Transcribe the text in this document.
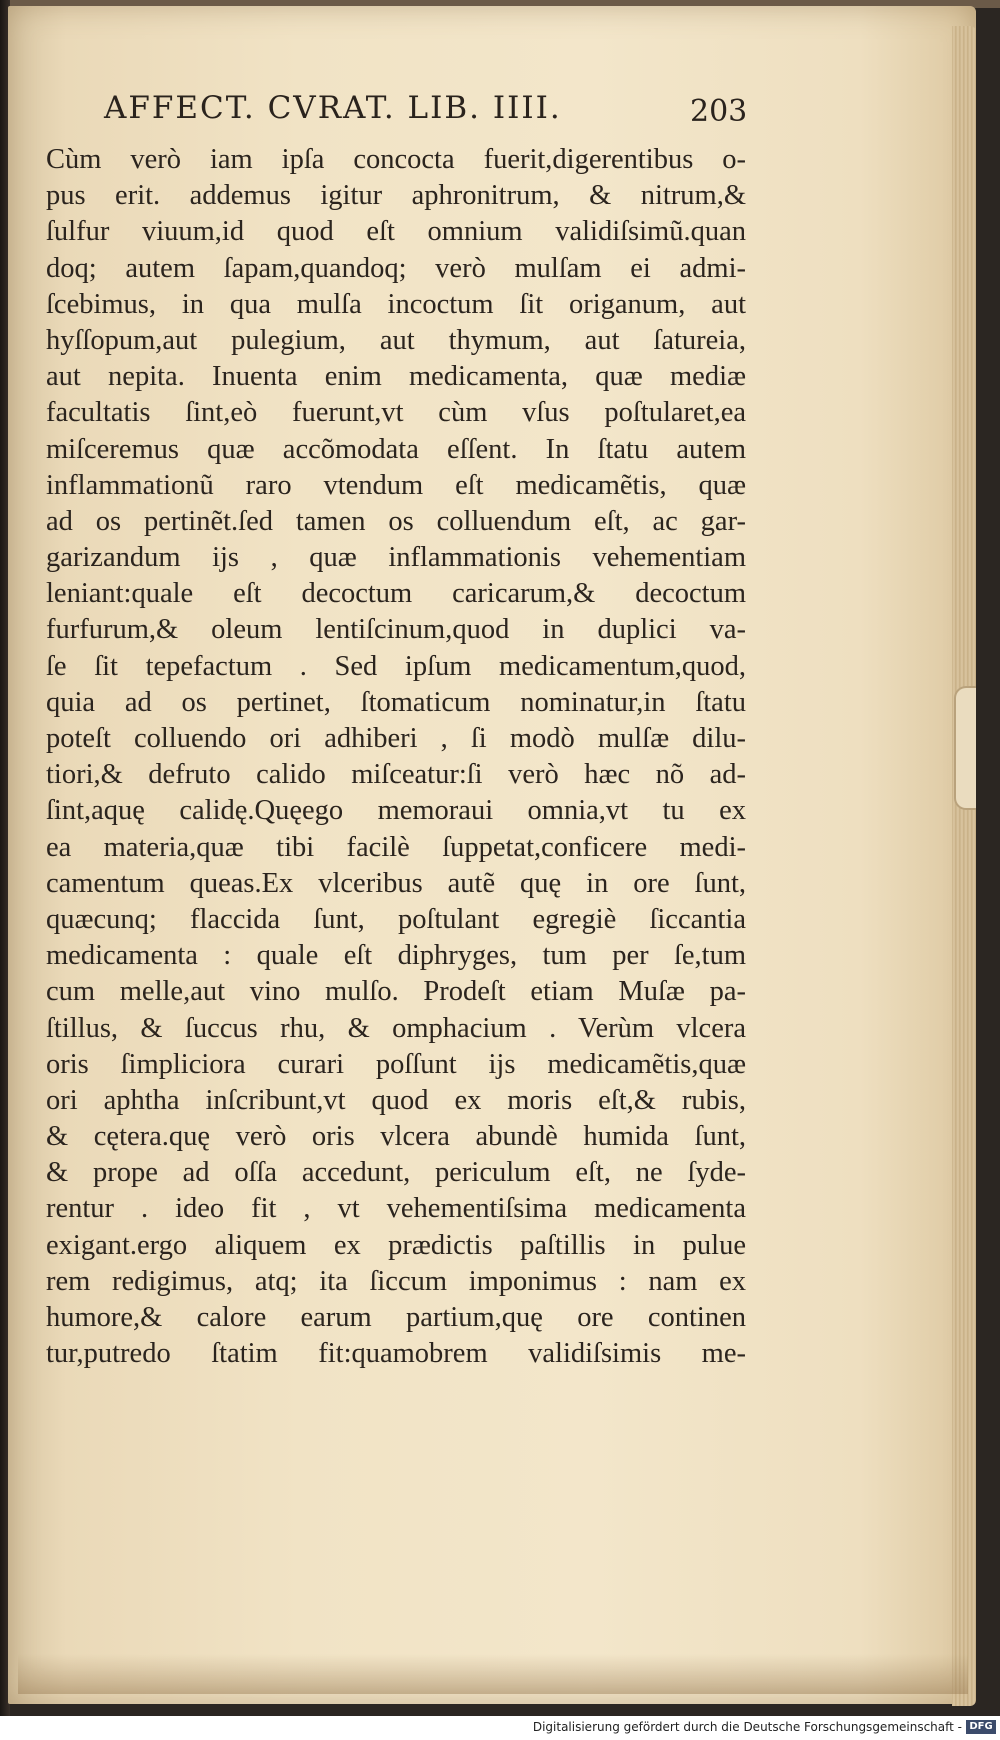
AFFECT. CVRAT. LIB. IIII.	203
Cùm verò iam ipſa concocta fuerit,digerentibus o-
pus erit. addemus igitur aphronitrum, & nitrum,&
ſulfur viuum,id quod eſt omnium validiſsimũ.quan
doq; autem ſapam,quandoq; verò mulſam ei admi-
ſcebimus, in qua mulſa incoctum ſit origanum, aut
hyſſopum,aut pulegium, aut thymum, aut ſatureia,
aut nepita. Inuenta enim medicamenta, quæ mediæ
facultatis ſint,eò fuerunt,vt cùm vſus poſtularet,ea
miſceremus quæ accõmodata eſſent. In ſtatu autem
inflammationũ raro vtendum eſt medicamẽtis, quæ
ad os pertinẽt.ſed tamen os colluendum eſt, ac gar-
garizandum ijs , quæ inflammationis vehementiam
leniant:quale eſt decoctum caricarum,& decoctum
furfurum,& oleum lentiſcinum,quod in duplici va-
ſe ſit tepefactum . Sed ipſum medicamentum,quod,
quia ad os pertinet, ſtomaticum nominatur,in ſtatu
poteſt colluendo ori adhiberi , ſi modò mulſæ dilu-
tiori,& defruto calido miſceatur:ſi verò hæc nõ ad-
ſint,aquę calidę.Quęego memoraui omnia,vt tu ex
ea materia,quæ tibi facilè ſuppetat,conficere medi-
camentum queas.Ex vlceribus autẽ quę in ore ſunt,
quæcunq; flaccida ſunt, poſtulant egregiè ſiccantia
medicamenta : quale eſt diphryges, tum per ſe,tum
cum melle,aut vino mulſo. Prodeſt etiam Muſæ pa-
ſtillus, & ſuccus rhu, & omphacium . Verùm vlcera
oris ſimpliciora curari poſſunt ijs medicamẽtis,quæ
ori aphtha inſcribunt,vt quod ex moris eſt,& rubis,
& cętera.quę verò oris vlcera abundè humida ſunt,
& prope ad oſſa accedunt, periculum eſt, ne ſyde-
rentur . ideo fit , vt vehementiſsima medicamenta
exigant.ergo aliquem ex prædictis paſtillis in pulue
rem redigimus, atq; ita ſiccum imponimus : nam ex
humore,& calore earum partium,quę ore continen
tur,putredo ſtatim fit:quamobrem validiſsimis me-
Digitalisierung gefördert durch die Deutsche Forschungsgemeinschaft - DFG
